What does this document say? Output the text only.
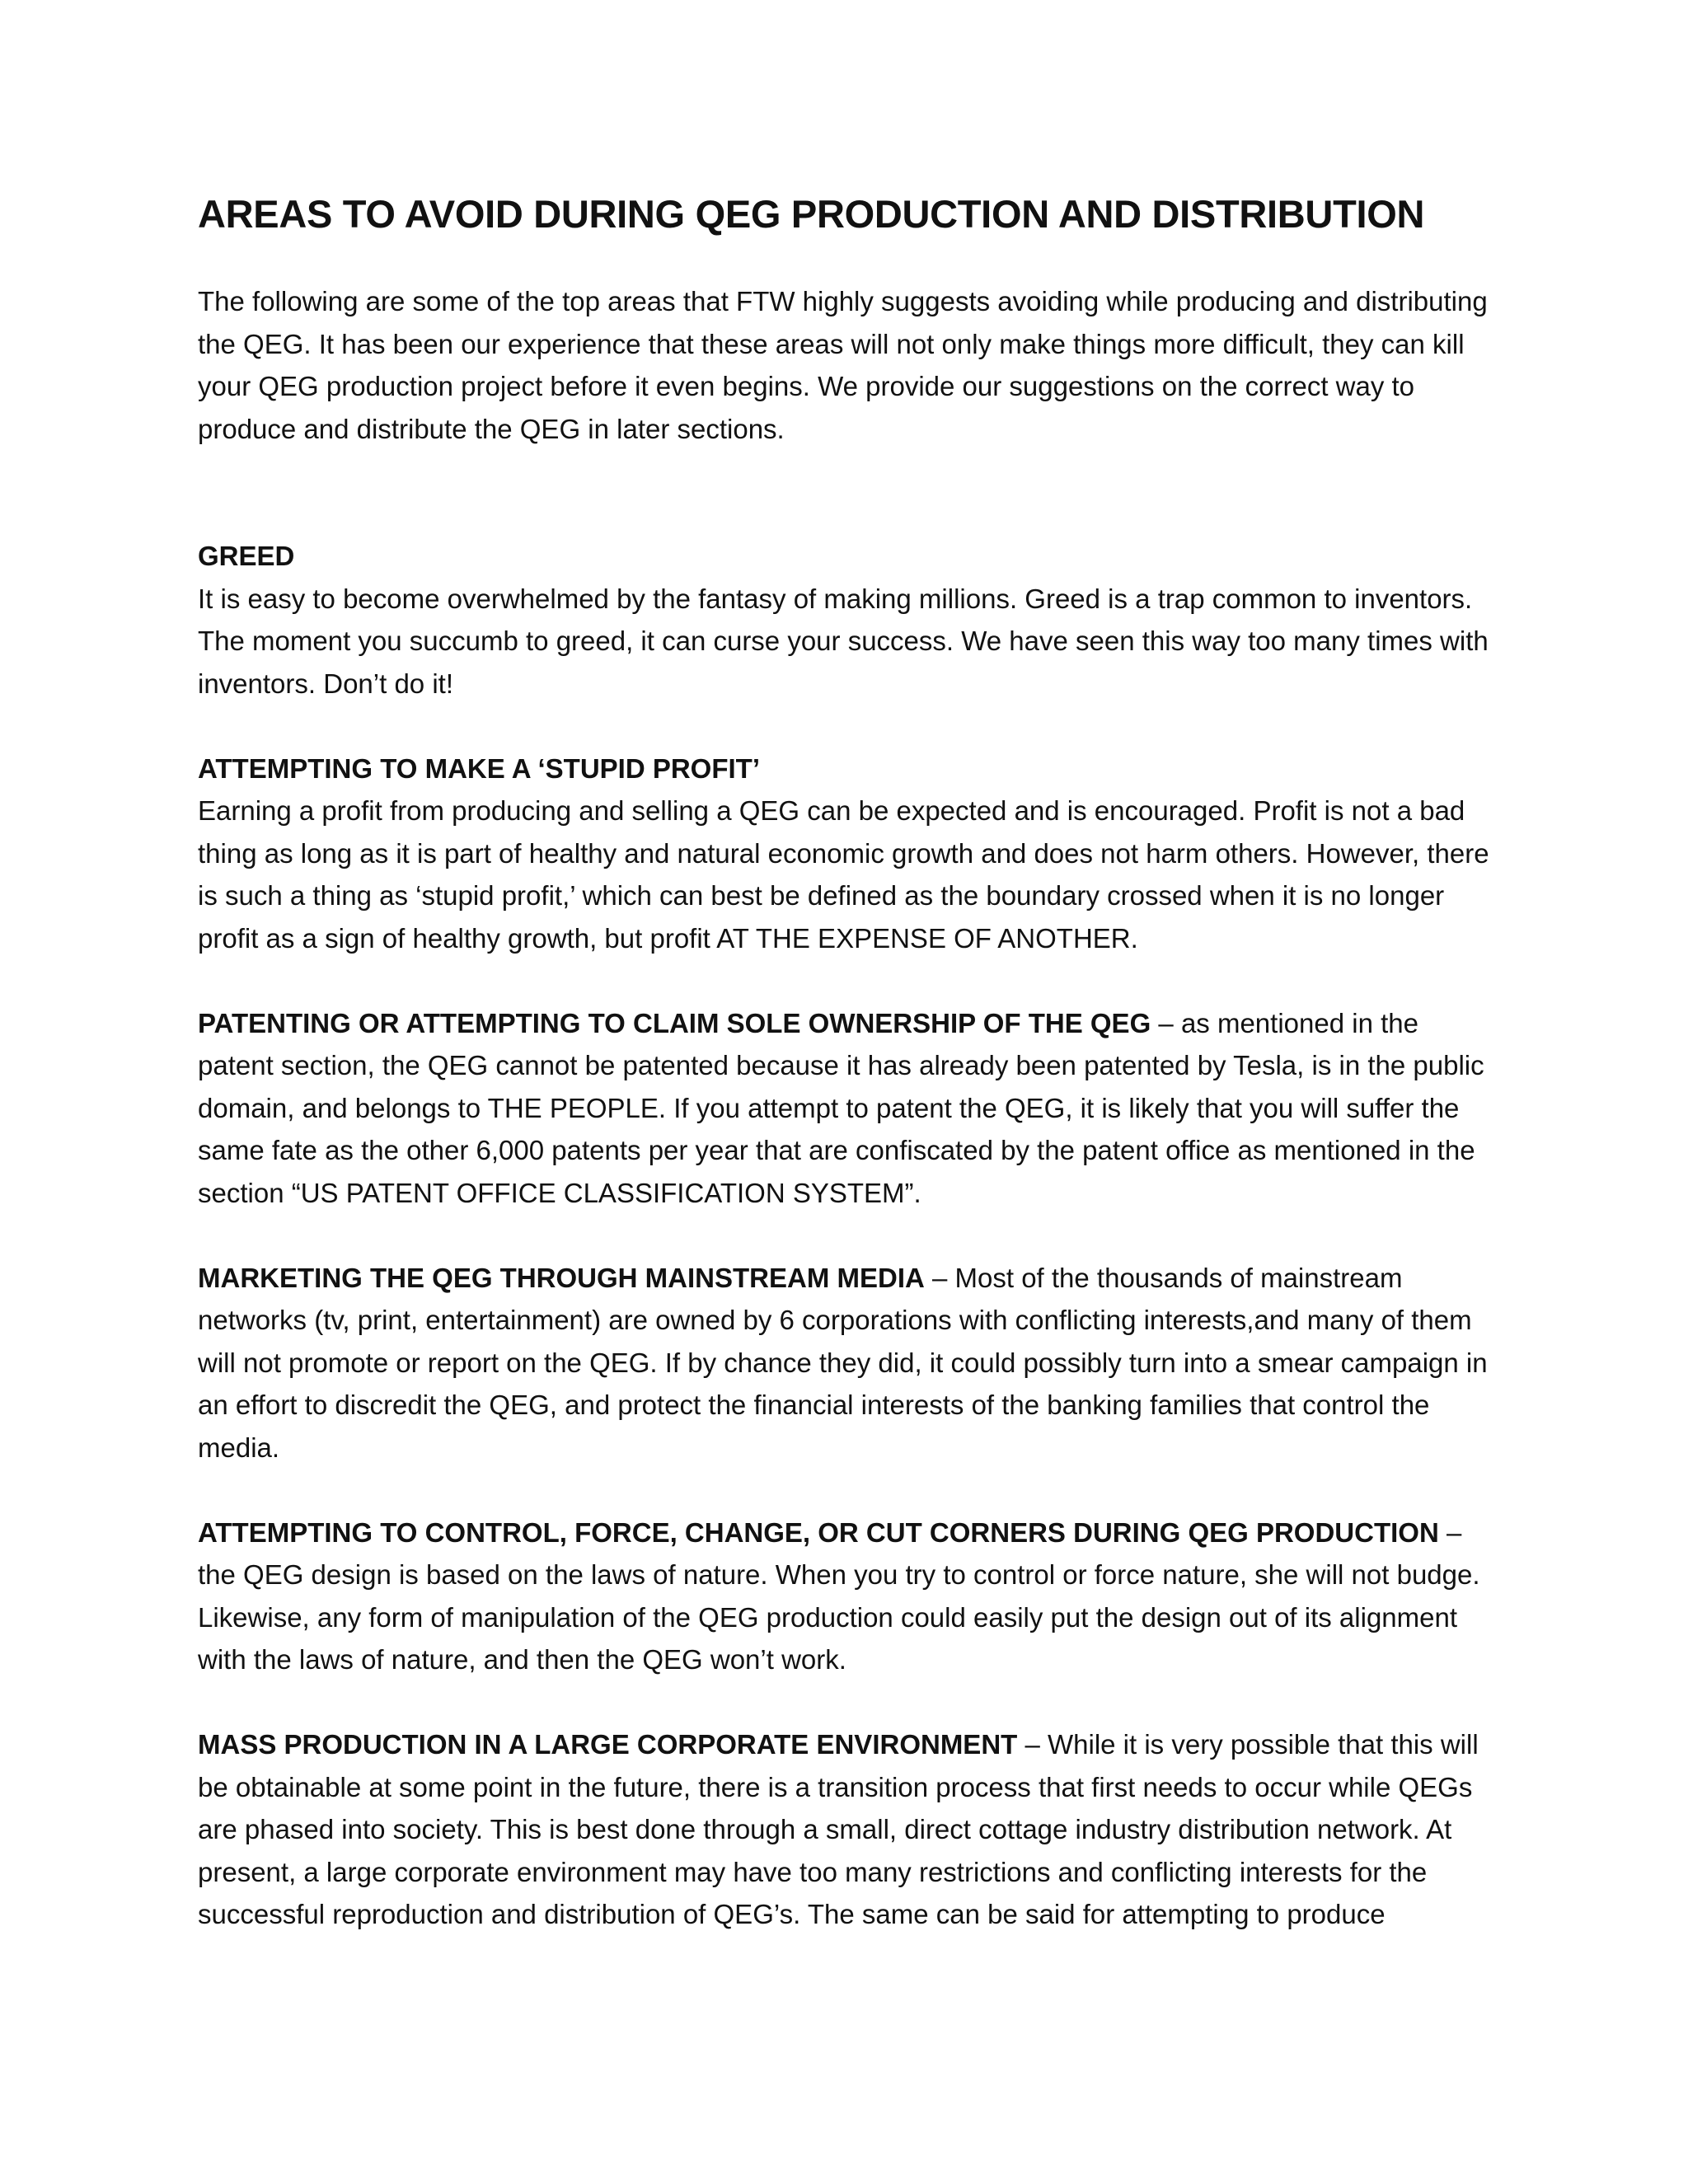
AREAS TO AVOID DURING QEG PRODUCTION AND DISTRIBUTION

The following are some of the top areas that FTW highly suggests avoiding while producing and distributing the QEG. It has been our experience that these areas will not only make things more difficult, they can kill your QEG production project before it even begins. We provide our suggestions on the correct way to produce and distribute the QEG in later sections.

GREED
It is easy to become overwhelmed by the fantasy of making millions. Greed is a trap common to inventors. The moment you succumb to greed, it can curse your success. We have seen this way too many times with inventors. Don’t do it!
ATTEMPTING TO MAKE A ‘STUPID PROFIT’
Earning a profit from producing and selling a QEG can be expected and is encouraged. Profit is not a bad thing as long as it is part of healthy and natural economic growth and does not harm others. However, there is such a thing as ‘stupid profit,’ which can best be defined as the boundary crossed when it is no longer profit as a sign of healthy growth, but profit AT THE EXPENSE OF ANOTHER.

PATENTING OR ATTEMPTING TO CLAIM SOLE OWNERSHIP OF THE QEG – as mentioned in the patent section, the QEG cannot be patented because it has already been patented by Tesla, is in the public domain, and belongs to THE PEOPLE. If you attempt to patent the QEG, it is likely that you will suffer the same fate as the other 6,000 patents per year that are confiscated by the patent office as mentioned in the section “US PATENT OFFICE CLASSIFICATION SYSTEM”.

MARKETING THE QEG THROUGH MAINSTREAM MEDIA – Most of the thousands of mainstream networks (tv, print, entertainment) are owned by 6 corporations with conflicting interests,and many of them will not promote or report on the QEG. If by chance they did, it could possibly turn into a smear campaign in an effort to discredit the QEG, and protect the financial interests of the banking families that control the media.

ATTEMPTING TO CONTROL, FORCE, CHANGE, OR CUT CORNERS DURING QEG PRODUCTION – the QEG design is based on the laws of nature. When you try to control or force nature, she will not budge. Likewise, any form of manipulation of the QEG production could easily put the design out of its alignment with the laws of nature, and then the QEG won’t work.

MASS PRODUCTION IN A LARGE CORPORATE ENVIRONMENT – While it is very possible that this will be obtainable at some point in the future, there is a transition process that first needs to occur while QEGs are phased into society. This is best done through a small, direct cottage industry distribution network. At present, a large corporate environment may have too many restrictions and conflicting interests for the successful reproduction and distribution of QEG’s. The same can be said for attempting to produce
